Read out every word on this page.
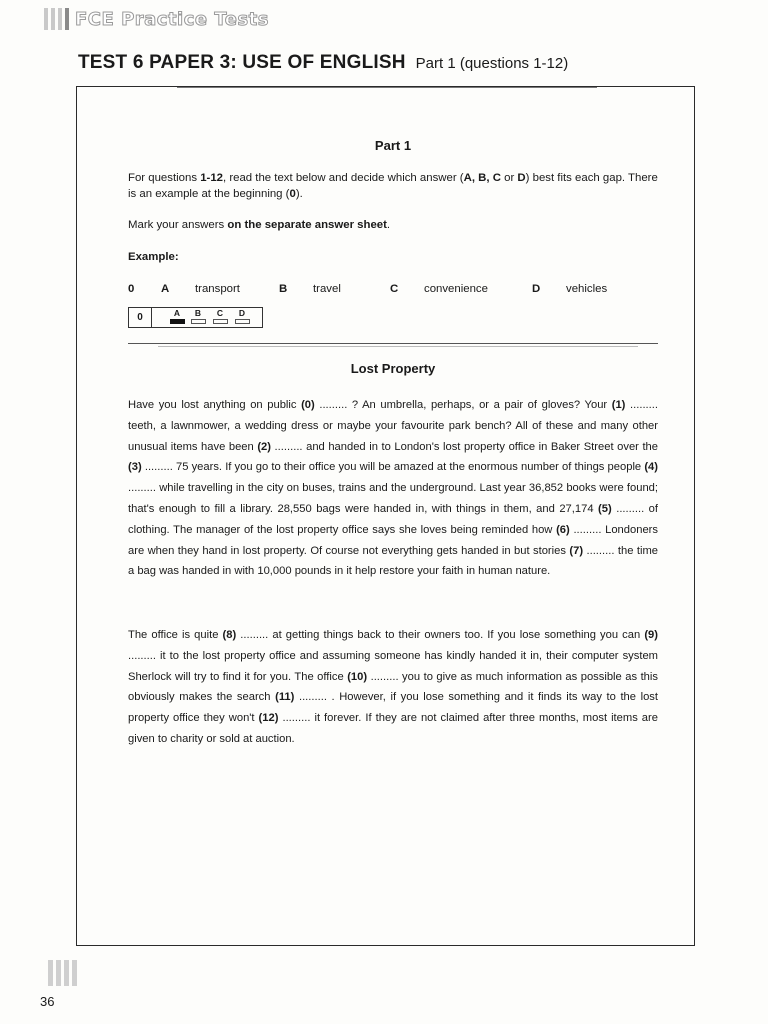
FCE Practice Tests
TEST 6 PAPER 3: USE OF ENGLISH Part 1 (questions 1-12)
Part 1
For questions 1-12, read the text below and decide which answer (A, B, C or D) best fits each gap. There is an example at the beginning (0).
Mark your answers on the separate answer sheet.
Example:
0 A transport	B travel	C convenience	D vehicles
0	A	B	C	D
Lost Property
Have you lost anything on public (0) ......... ? An umbrella, perhaps, or a pair of gloves? Your (1) ......... teeth, a lawnmower, a wedding dress or maybe your favourite park bench? All of these and many other unusual items have been (2) ......... and handed in to London's lost property office in Baker Street over the (3) ......... 75 years. If you go to their office you will be amazed at the enormous number of things people (4) ......... while travelling in the city on buses, trains and the underground. Last year 36,852 books were found; that's enough to fill a library. 28,550 bags were handed in, with things in them, and 27,174 (5) ......... of clothing. The manager of the lost property office says she loves being reminded how (6) ......... Londoners are when they hand in lost property. Of course not everything gets handed in but stories (7) ......... the time a bag was handed in with 10,000 pounds in it help restore your faith in human nature.
The office is quite (8) ......... at getting things back to their owners too. If you lose something you can (9) ......... it to the lost property office and assuming someone has kindly handed it in, their computer system Sherlock will try to find it for you. The office (10) ......... you to give as much information as possible as this obviously makes the search (11) ......... . However, if you lose something and it finds its way to the lost property office they won't (12) ......... it forever. If they are not claimed after three months, most items are given to charity or sold at auction.
36
